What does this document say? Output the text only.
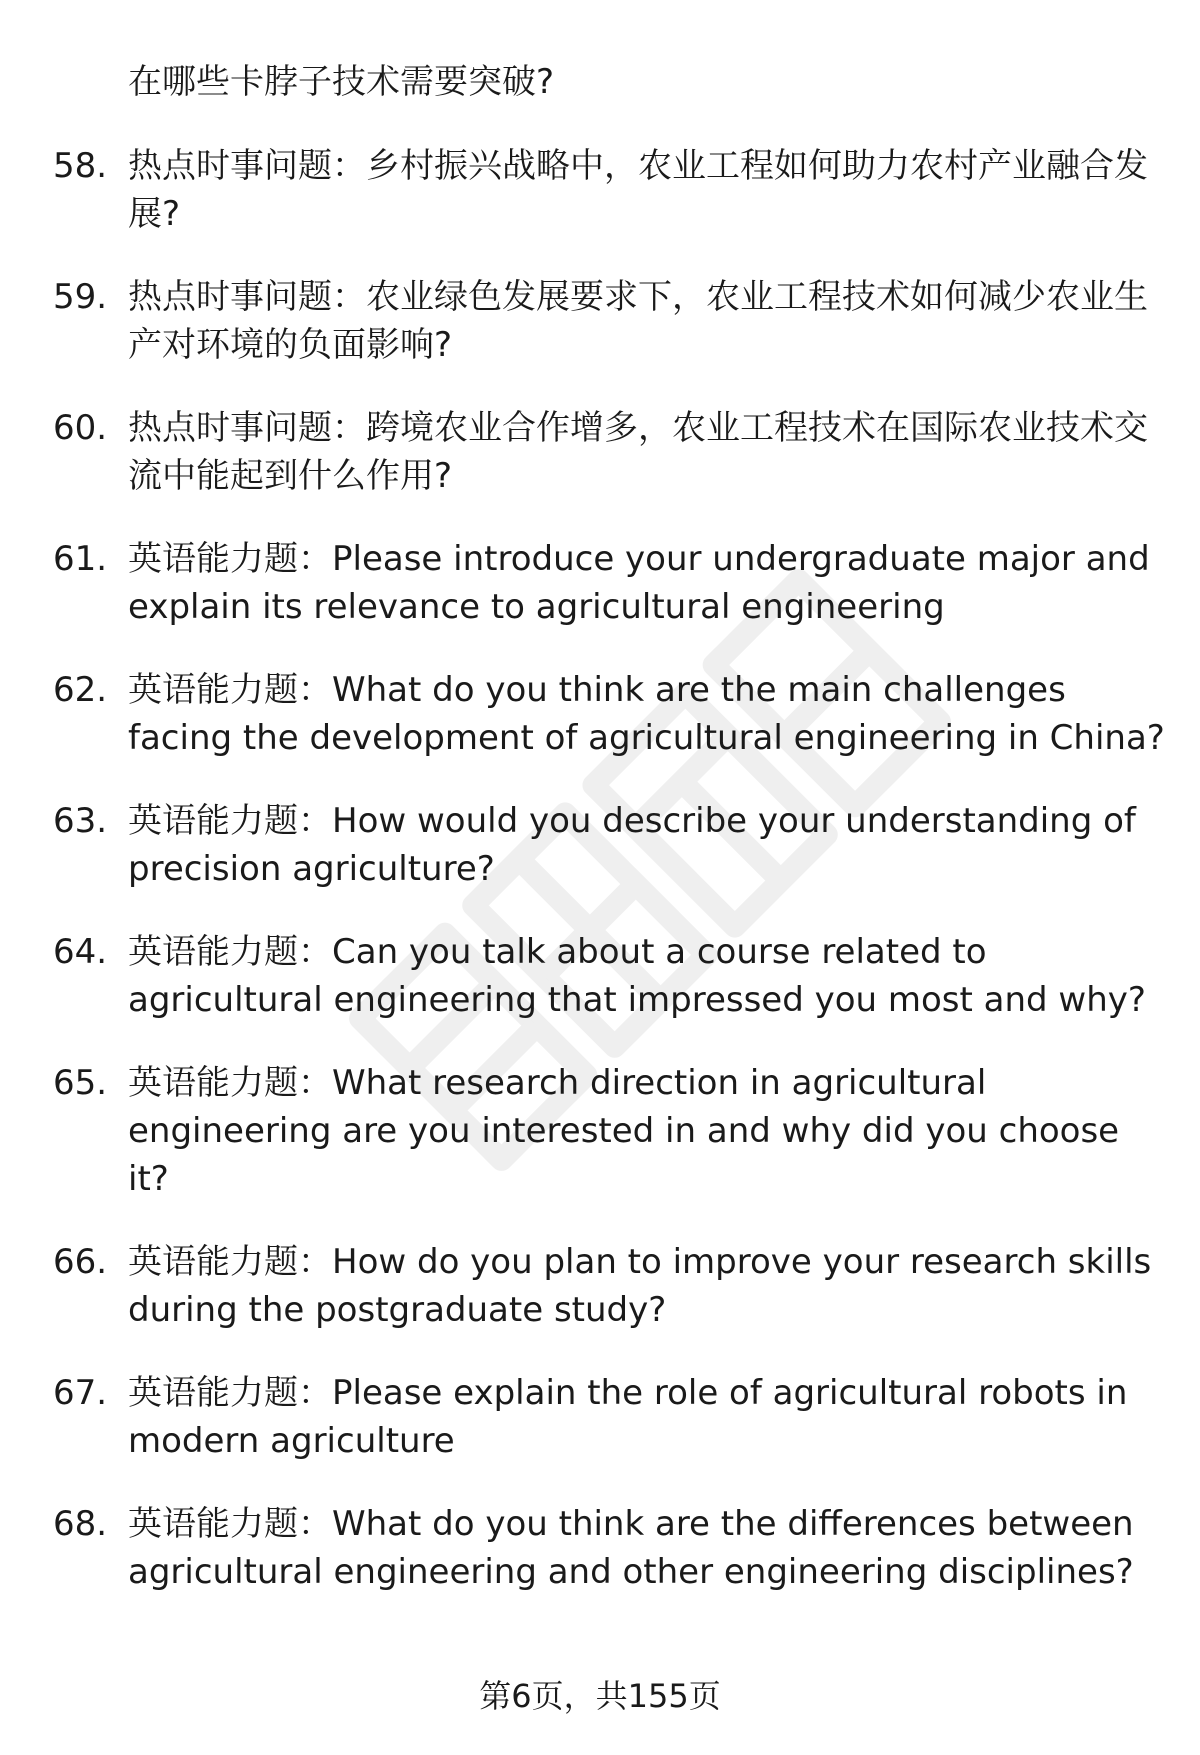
在哪些卡脖子技术需要突破?
58. 热点时事问题：乡村振兴战略中，农业工程如何助力农村产业融合发展?
59. 热点时事问题：农业绿色发展要求下，农业工程技术如何减少农业生产对环境的负面影响?
60. 热点时事问题：跨境农业合作增多，农业工程技术在国际农业技术交流中能起到什么作用?
61. 英语能力题：Please introduce your undergraduate major and explain its relevance to agricultural engineering
62. 英语能力题：What do you think are the main challenges facing the development of agricultural engineering in China?
63. 英语能力题：How would you describe your understanding of precision agriculture?
64. 英语能力题：Can you talk about a course related to agricultural engineering that impressed you most and why?
65. 英语能力题：What research direction in agricultural engineering are you interested in and why did you choose it?
66. 英语能力题：How do you plan to improve your research skills during the postgraduate study?
67. 英语能力题：Please explain the role of agricultural robots in modern agriculture
68. 英语能力题：What do you think are the differences between agricultural engineering and other engineering disciplines?
第6页，共155页
